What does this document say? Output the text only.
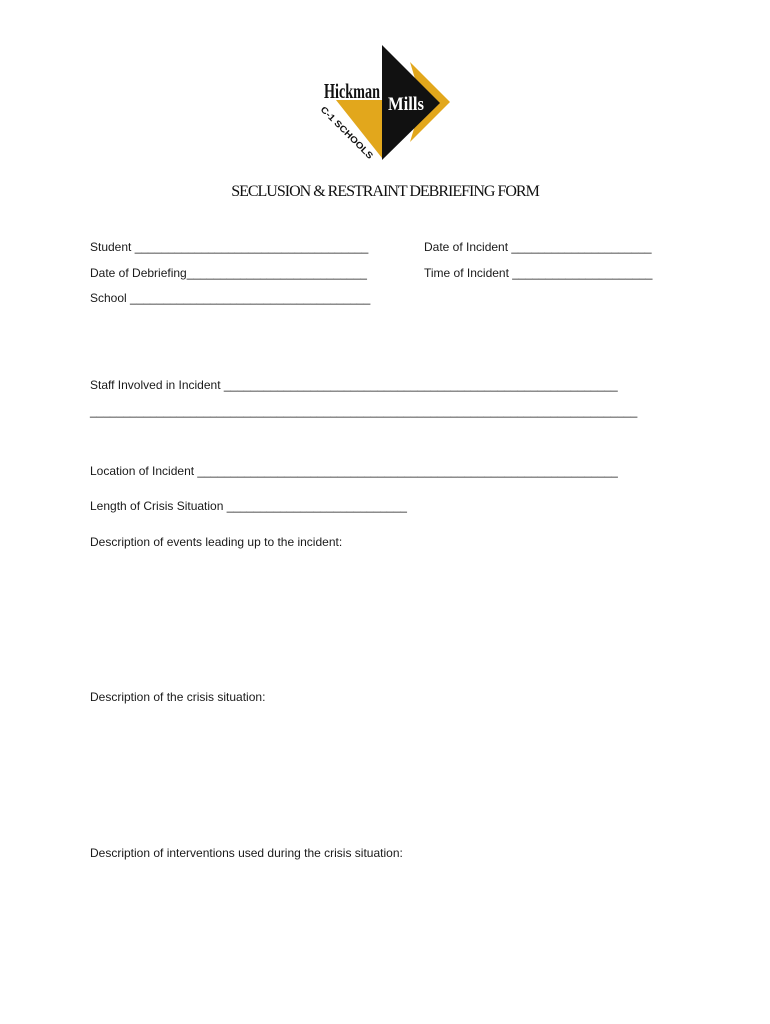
Hickman
Mills
C-1 SCHOOLS
SECLUSION & RESTRAINT DEBRIEFING FORM
Student ___________________________________	Date of Incident _____________________
Date of Debriefing___________________________	Time of Incident _____________________
School ____________________________________
Staff Involved in Incident ___________________________________________________________
__________________________________________________________________________________
Location of Incident _______________________________________________________________
Length of Crisis Situation ___________________________
Description of events leading up to the incident:
Description of the crisis situation:
Description of interventions used during the crisis situation:
